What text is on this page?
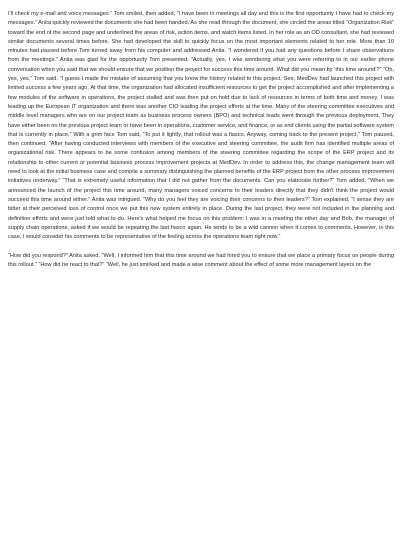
I'll check my e-mail and voice messages.” Tom smiled, then added, “I have been in meetings all day and this is the first opportunity I have had to check my messages.” Anita quickly reviewed the documents she had been handed. As she read through the document, she circled the areas titled “Organization Risk” toward the end of the second page and underlined the areas of risk, action items, and watch items listed. In her role as an OD consultant, she had reviewed similar documents several times before. She had developed the skill to quickly focus on the most important elements related to her role. More than 10 minutes had passed before Tom turned away from his computer and addressed Anita. “I wondered if you had any questions before I share observations from the meetings.” Anita was glad for the opportunity Tom presented. “Actually, yes, I was wondering what you were referring to in our earlier phone conversation when you said that we should ensure that we position the project for success this time around. What did you mean by ‘this time around’?” “Oh, yes, yes,” Tom said. “I guess I made the mistake of assuming that you know the history related to this project. See, MedDev had launched this project with limited success a few years ago. At that time, the organization had allocated insufficient resources to get the project accomplished and after implementing a few modules of the software in operations, the project stalled and was then put on hold due to lack of resources in terms of both time and money. I was leading up the European IT organization and there was another CIO leading the project efforts at the time. Many of the steering committee executives and middle level managers who are on our project team as business process owners (BPO) and technical leads went through the previous deployment. They have either been on the previous project team or have been in operations, customer service, and finance, or as end clients using the partial software system that is currently in place.” With a grim face Tom said, “To put it lightly, that rollout was a fiasco. Anyway, coming back to the present project,” Tom paused, then continued, “After having conducted interviews with members of the executive and steering committee, the audit firm has identified multiple areas of organizational risk. There appears to be some confusion among members of the steering committee regarding the scope of the ERP project and its relationship to other current or potential business process improvement projects at MedDev. In order to address this, the change management team will need to look at the initial business case and compile a summary distinguishing the planned benefits of the ERP project from the other process improvement initiatives underway.” “That is extremely useful information that I did not gather from the documents. Can you elaborate further?” Tom added, “When we announced the launch of the project this time around, many managers voiced concerns to their leaders directly that they didn't think the project would succeed this time around either.” Anita was intrigued. “Why do you feel they are voicing their concerns to their leaders?” Tom explained, “I sense they are bitter at their perceived loss of control once we put this new system entirely in place. During the last project, they were not included in the planning and definition efforts and were just told what to do. Here's what helped me focus on this problem: I was in a meeting the other day and Bob, the manager of supply chain operations, asked if we would be repeating the last fiasco again. He tends to be a wild cannon when it comes to comments. However, in this case, I would consider his comments to be representative of the feeling across the operations team right now.”

“How did you respond?” Anita asked. “Well, I informed him that this time around we had hired you to ensure that we place a primary focus on people during this rollout.” “How did he react to that?” “Well, he just smirked and made a wise comment about the effect of some more management layers on the
